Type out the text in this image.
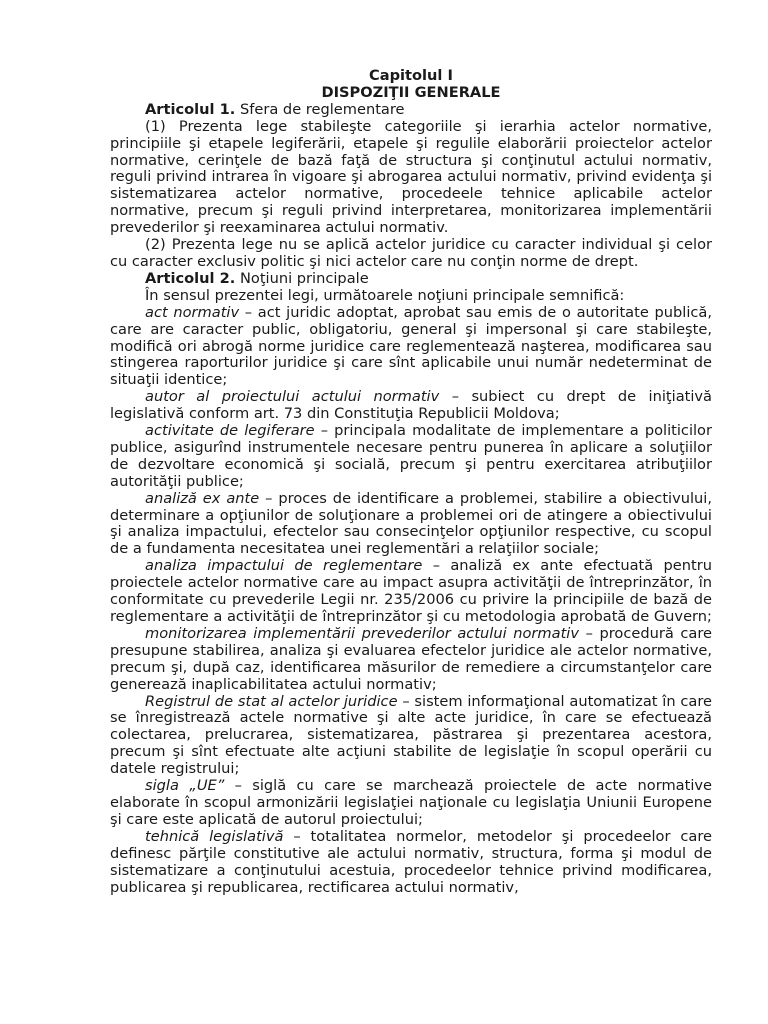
Capitolul I

DISPOZIŢII GENERALE

Articolul 1. Sfera de reglementare

(1) Prezenta lege stabileşte categoriile şi ierarhia actelor normative, principiile şi etapele legiferării, etapele şi regulile elaborării proiectelor actelor normative, cerinţele de bază faţă de structura şi conţinutul actului normativ, reguli privind intrarea în vigoare şi abrogarea actului normativ, privind evidenţa şi sistematizarea actelor normative, procedeele tehnice aplicabile actelor normative, precum şi reguli privind interpretarea, monitorizarea implementării prevederilor şi reexaminarea actului normativ.

(2) Prezenta lege nu se aplică actelor juridice cu caracter individual şi celor cu caracter exclusiv politic şi nici actelor care nu conţin norme de drept.

Articolul 2. Noţiuni principale

În sensul prezentei legi, următoarele noţiuni principale semnifică:

act normativ – act juridic adoptat, aprobat sau emis de o autoritate publică, care are caracter public, obligatoriu, general şi impersonal şi care stabileşte, modifică ori abrogă norme juridice care reglementează naşterea, modificarea sau stingerea raporturilor juridice şi care sînt aplicabile unui număr nedeterminat de situaţii identice;

autor al proiectului actului normativ – subiect cu drept de iniţiativă legislativă conform art. 73 din Constituţia Republicii Moldova;

activitate de legiferare – principala modalitate de implementare a politicilor publice, asigurînd instrumentele necesare pentru punerea în aplicare a soluţiilor de dezvoltare economică şi socială, precum şi pentru exercitarea atribuţiilor autorităţii publice;

analiză ex ante – proces de identificare a problemei, stabilire a obiectivului, determinare a opţiunilor de soluţionare a problemei ori de atingere a obiectivului şi analiza impactului, efectelor sau consecinţelor opţiunilor respective, cu scopul de a fundamenta necesitatea unei reglementări a relaţiilor sociale;

analiza impactului de reglementare – analiză ex ante efectuată pentru proiectele actelor normative care au impact asupra activităţii de întreprinzător, în conformitate cu prevederile Legii nr. 235/2006 cu privire la principiile de bază de reglementare a activităţii de întreprinzător şi cu metodologia aprobată de Guvern;

monitorizarea implementării prevederilor actului normativ – procedură care presupune stabilirea, analiza şi evaluarea efectelor juridice ale actelor normative, precum şi, după caz, identificarea măsurilor de remediere a circumstanţelor care generează inaplicabilitatea actului normativ;

Registrul de stat al actelor juridice – sistem informaţional automatizat în care se înregistrează actele normative şi alte acte juridice, în care se efectuează colectarea, prelucrarea, sistematizarea, păstrarea şi prezentarea acestora, precum şi sînt efectuate alte acţiuni stabilite de legislaţie în scopul operării cu datele registrului;

sigla „UE” – siglă cu care se marchează proiectele de acte normative elaborate în scopul armonizării legislaţiei naţionale cu legislaţia Uniunii Europene şi care este aplicată de autorul proiectului;

tehnică legislativă – totalitatea normelor, metodelor şi procedeelor care definesc părţile constitutive ale actului normativ, structura, forma şi modul de sistematizare a conţinutului acestuia, procedeelor tehnice privind modificarea, publicarea şi republicarea, rectificarea actului normativ,
